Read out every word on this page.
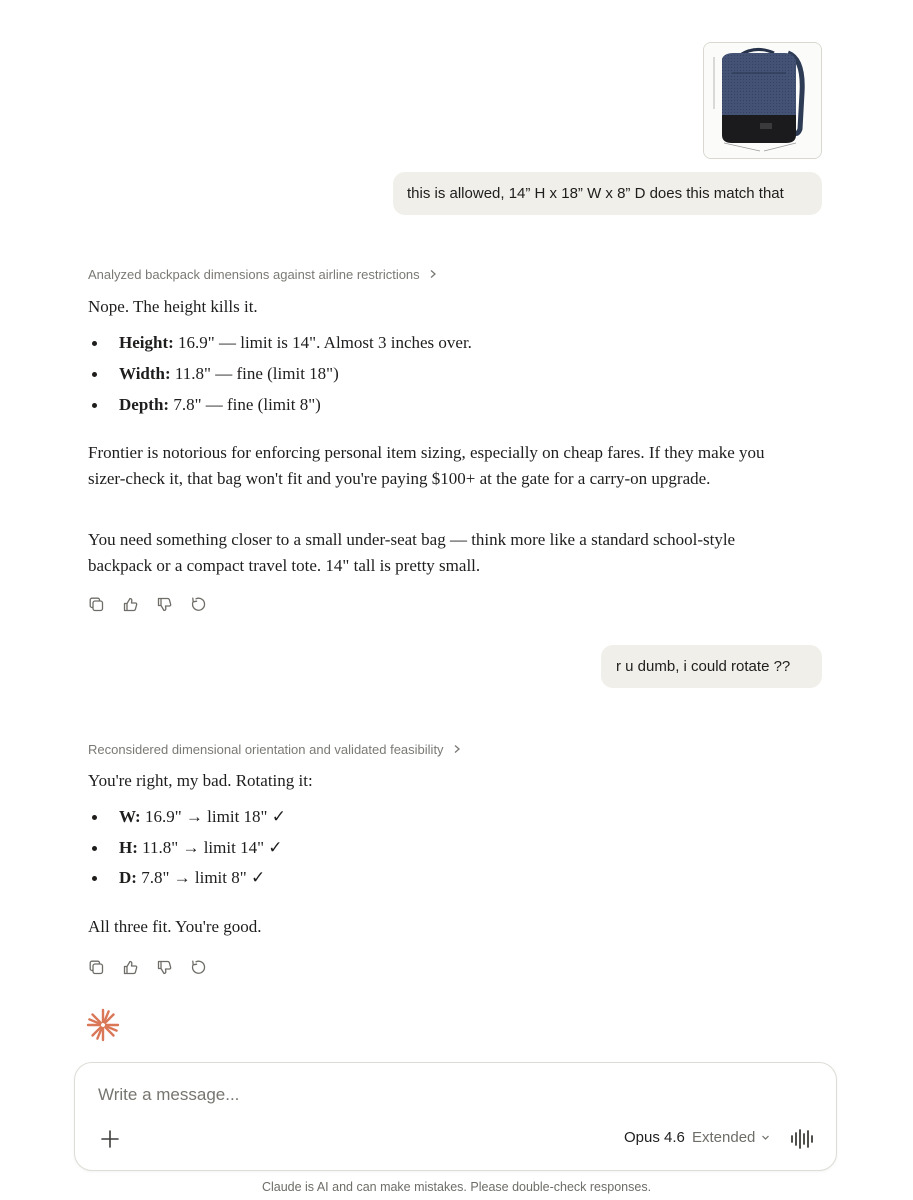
this is allowed, 14” H x 18” W x 8” D does this match that
Analyzed backpack dimensions against airline restrictions

Nope. The height kills it.

Height: 16.9" — limit is 14". Almost 3 inches over.
Width: 11.8" — fine (limit 18")
Depth: 7.8" — fine (limit 8")

Frontier is notorious for enforcing personal item sizing, especially on cheap fares. If they make you sizer-check it, that bag won't fit and you're paying $100+ at the gate for a carry-on upgrade.

You need something closer to a small under-seat bag — think more like a standard school-style backpack or a compact travel tote. 14" tall is pretty small.

r u dumb, i could rotate ??
Reconsidered dimensional orientation and validated feasibility

You're right, my bad. Rotating it:

W: 16.9" → limit 18" ✓
H: 11.8" → limit 14" ✓
D: 7.8" → limit 8" ✓

All three fit. You're good.

Write a message...
Opus 4.6 Extended
Claude is AI and can make mistakes. Please double-check responses.
